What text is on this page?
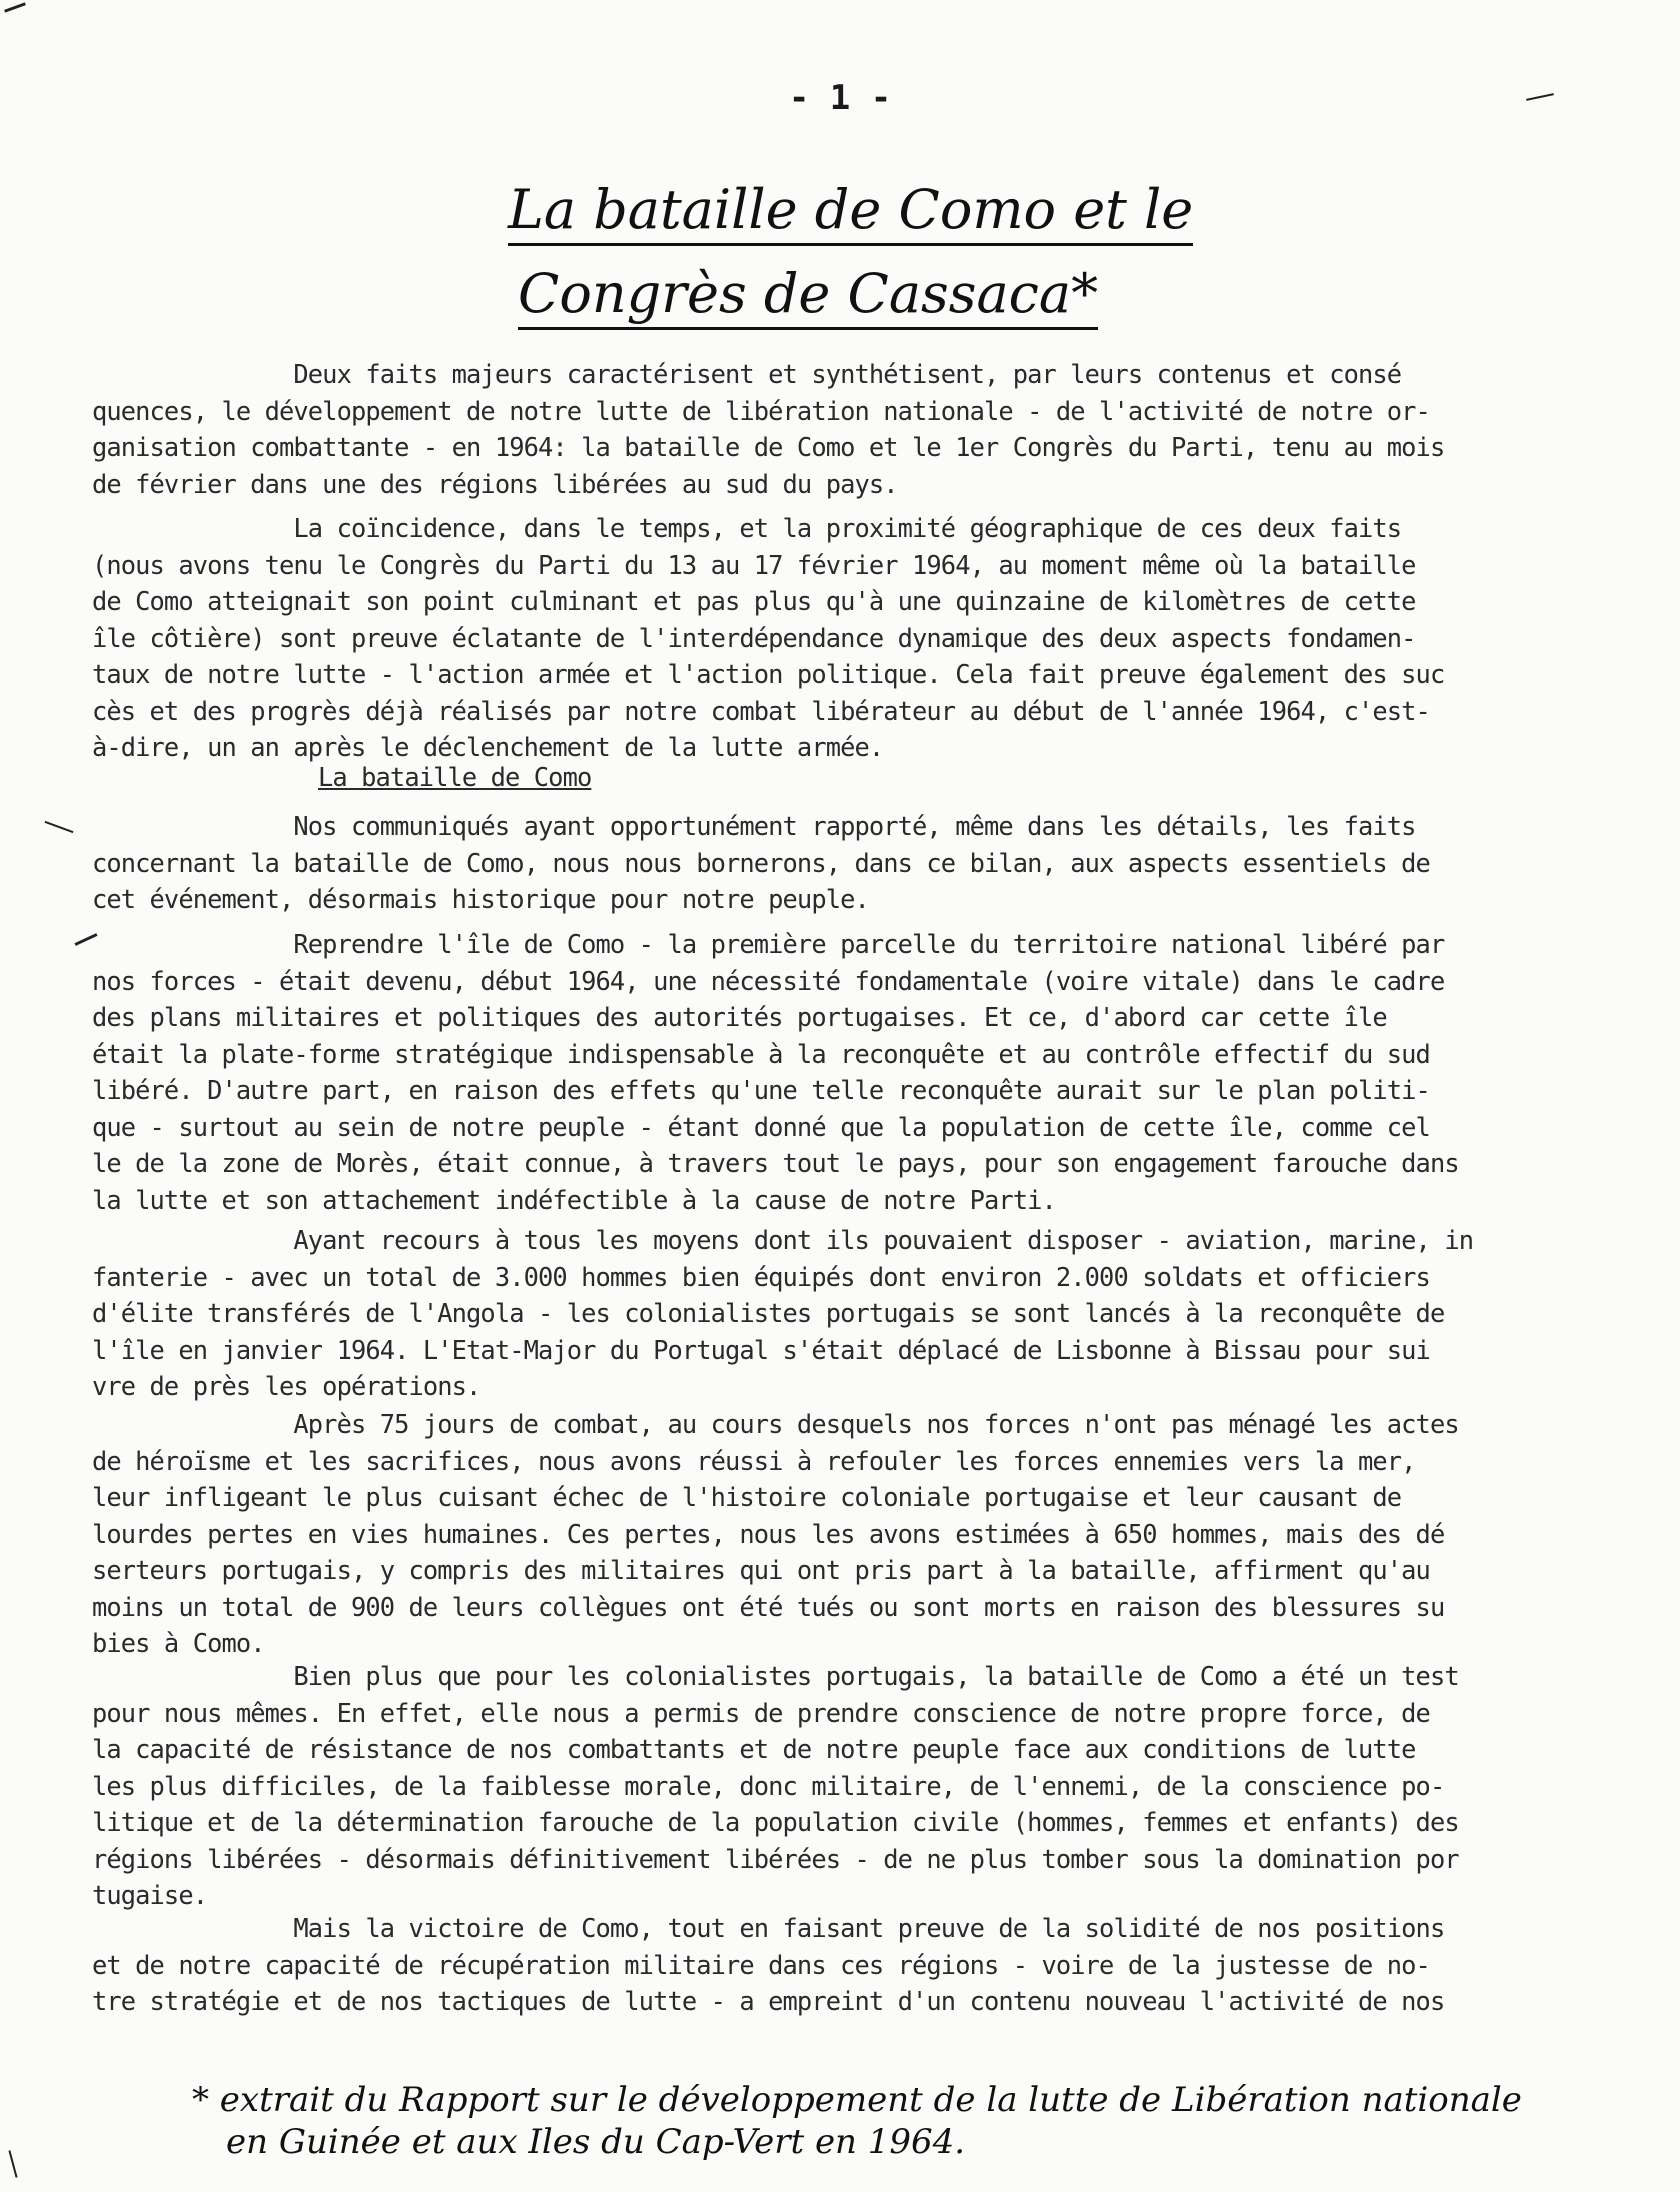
- 1 -
La bataille de Como et le
Congrès de Cassaca*
Deux faits majeurs caractérisent et synthétisent, par leurs contenus et consé
quences, le développement de notre lutte de libération nationale - de l'activité de notre or-
ganisation combattante - en 1964: la bataille de Como et le 1er Congrès du Parti, tenu au mois
de février dans une des régions libérées au sud du pays.
La coïncidence, dans le temps, et la proximité géographique de ces deux faits
(nous avons tenu le Congrès du Parti du 13 au 17 février 1964, au moment même où la bataille
de Como atteignait son point culminant et pas plus qu'à une quinzaine de kilomètres de cette
île côtière) sont preuve éclatante de l'interdépendance dynamique des deux aspects fondamen-
taux de notre lutte - l'action armée et l'action politique. Cela fait preuve également des suc
cès et des progrès déjà réalisés par notre combat libérateur au début de l'année 1964, c'est-
à-dire, un an après le déclenchement de la lutte armée.
La bataille de Como
Nos communiqués ayant opportunément rapporté, même dans les détails, les faits
concernant la bataille de Como, nous nous bornerons, dans ce bilan, aux aspects essentiels de
cet événement, désormais historique pour notre peuple.
Reprendre l'île de Como - la première parcelle du territoire national libéré par
nos forces - était devenu, début 1964, une nécessité fondamentale (voire vitale) dans le cadre
des plans militaires et politiques des autorités portugaises. Et ce, d'abord car cette île
était la plate-forme stratégique indispensable à la reconquête et au contrôle effectif du sud
libéré. D'autre part, en raison des effets qu'une telle reconquête aurait sur le plan politi-
que - surtout au sein de notre peuple - étant donné que la population de cette île, comme cel
le de la zone de Morès, était connue, à travers tout le pays, pour son engagement farouche dans
la lutte et son attachement indéfectible à la cause de notre Parti.
Ayant recours à tous les moyens dont ils pouvaient disposer - aviation, marine, in
fanterie - avec un total de 3.000 hommes bien équipés dont environ 2.000 soldats et officiers
d'élite transférés de l'Angola - les colonialistes portugais se sont lancés à la reconquête de
l'île en janvier 1964. L'Etat-Major du Portugal s'était déplacé de Lisbonne à Bissau pour sui
vre de près les opérations.
Après 75 jours de combat, au cours desquels nos forces n'ont pas ménagé les actes
de héroïsme et les sacrifices, nous avons réussi à refouler les forces ennemies vers la mer,
leur infligeant le plus cuisant échec de l'histoire coloniale portugaise et leur causant de
lourdes pertes en vies humaines. Ces pertes, nous les avons estimées à 650 hommes, mais des dé
serteurs portugais, y compris des militaires qui ont pris part à la bataille, affirment qu'au
moins un total de 900 de leurs collègues ont été tués ou sont morts en raison des blessures su
bies à Como.
Bien plus que pour les colonialistes portugais, la bataille de Como a été un test
pour nous mêmes. En effet, elle nous a permis de prendre conscience de notre propre force, de
la capacité de résistance de nos combattants et de notre peuple face aux conditions de lutte
les plus difficiles, de la faiblesse morale, donc militaire, de l'ennemi, de la conscience po-
litique et de la détermination farouche de la population civile (hommes, femmes et enfants) des
régions libérées - désormais définitivement libérées - de ne plus tomber sous la domination por
tugaise.
Mais la victoire de Como, tout en faisant preuve de la solidité de nos positions
et de notre capacité de récupération militaire dans ces régions - voire de la justesse de no-
tre stratégie et de nos tactiques de lutte - a empreint d'un contenu nouveau l'activité de nos
* extrait du Rapport sur le développement de la lutte de Libération nationale
en Guinée et aux Iles du Cap-Vert en 1964.
